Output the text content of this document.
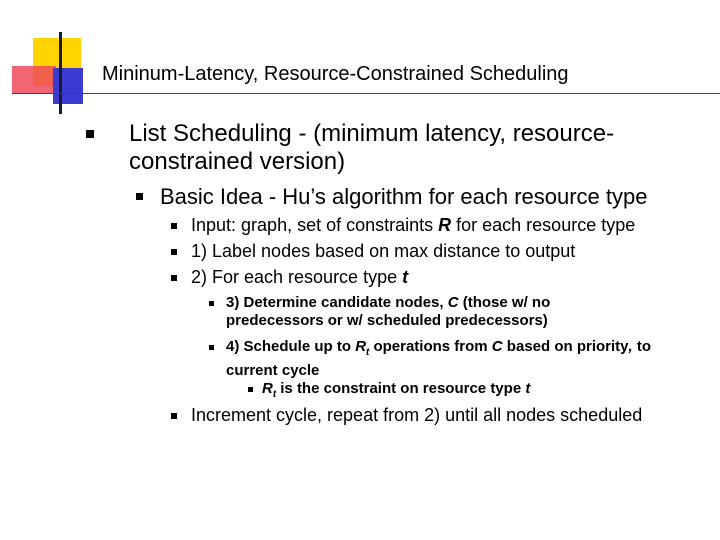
Mininum-Latency, Resource-Constrained Scheduling
List Scheduling - (minimum latency, resource-
constrained version)
Basic Idea - Hu’s algorithm for each resource type
Input: graph, set of constraints R for each resource type
1) Label nodes based on max distance to output
2) For each resource type t
3) Determine candidate nodes, C (those w/ no
predecessors or w/ scheduled predecessors)
4) Schedule up to $R_t$ operations from C based on priority, to
current cycle
$R_t$ is the constraint on resource type t
Increment cycle, repeat from 2) until all nodes scheduled
